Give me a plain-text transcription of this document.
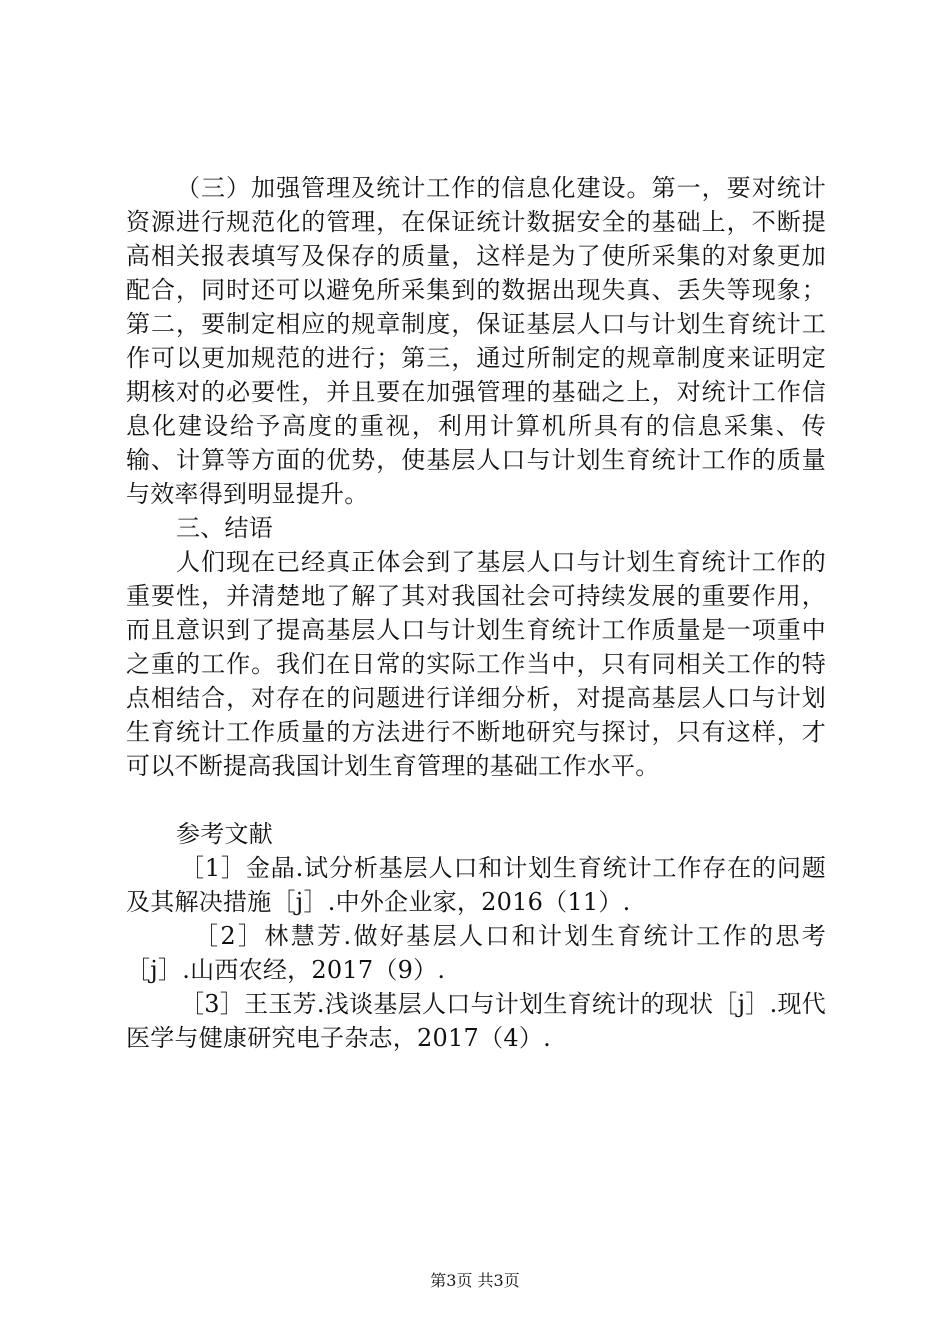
（三）加强管理及统计工作的信息化建设。第一，要对统计资源进行规范化的管理，在保证统计数据安全的基础上，不断提高相关报表填写及保存的质量，这样是为了使所采集的对象更加配合，同时还可以避免所采集到的数据出现失真、丢失等现象；第二，要制定相应的规章制度，保证基层人口与计划生育统计工作可以更加规范的进行；第三，通过所制定的规章制度来证明定期核对的必要性，并且要在加强管理的基础之上，对统计工作信息化建设给予高度的重视，利用计算机所具有的信息采集、传输、计算等方面的优势，使基层人口与计划生育统计工作的质量与效率得到明显提升。

三、结语

人们现在已经真正体会到了基层人口与计划生育统计工作的重要性，并清楚地了解了其对我国社会可持续发展的重要作用，而且意识到了提高基层人口与计划生育统计工作质量是一项重中之重的工作。我们在日常的实际工作当中，只有同相关工作的特点相结合，对存在的问题进行详细分析，对提高基层人口与计划生育统计工作质量的方法进行不断地研究与探讨，只有这样，才可以不断提高我国计划生育管理的基础工作水平。

参考文献

［1］金晶.试分析基层人口和计划生育统计工作存在的问题及其解决措施［j］.中外企业家，2016（11）.

［2］林慧芳.做好基层人口和计划生育统计工作的思考［j］.山西农经，2017（9）.

［3］王玉芳.浅谈基层人口与计划生育统计的现状［j］.现代医学与健康研究电子杂志，2017（4）.

第3页 共3页
